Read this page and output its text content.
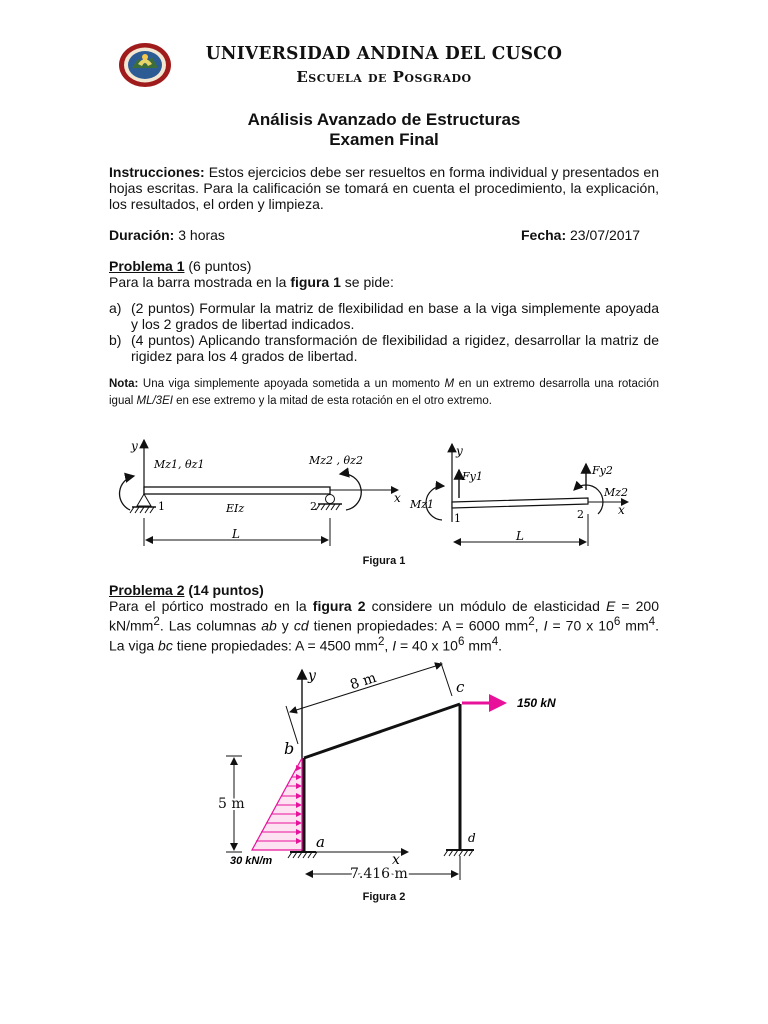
UNIVERSIDAD ANDINA DEL CUSCO
Escuela de Posgrado
Análisis Avanzado de Estructuras
Examen Final
Instrucciones: Estos ejercicios debe ser resueltos en forma individual y presentados en hojas escritas. Para la calificación se tomará en cuenta el procedimiento, la explicación, los resultados, el orden y limpieza.
Duración: 3 horas	Fecha: 23/07/2017
Problema 1 (6 puntos)
Para la barra mostrada en la figura 1 se pide:
a) (2 puntos) Formular la matriz de flexibilidad en base a la viga simplemente apoyada y los 2 grados de libertad indicados.
b) (4 puntos) Aplicando transformación de flexibilidad a rigidez, desarrollar la matriz de rigidez para los 4 grados de libertad.
Nota: Una viga simplemente apoyada sometida a un momento M en un extremo desarrolla una rotación igual ML/3EI en ese extremo y la mitad de esta rotación en el otro extremo.
y
x
1	2
EIz
Mz1, θz1	Mz2 , θz2
L
y
x
Fy1	Fy2
Mz1
Mz2
1	2
L
Figura 1
Problema 2 (14 puntos)
Para el pórtico mostrado en la figura 2 considere un módulo de elasticidad E = 200 $kN/mm^2$. Las columnas ab y cd tienen propiedades: A = 6000 $mm^2$, I = 70 x $10^6$ $mm^4$. La viga bc tiene propiedades: A = 4500 $mm^2$, I = 40 x $10^6$ $mm^4$.
y
x
a
b
c
d
8 m
5 m
7.416 m
30 kN/m
150 kN
Figura 2
